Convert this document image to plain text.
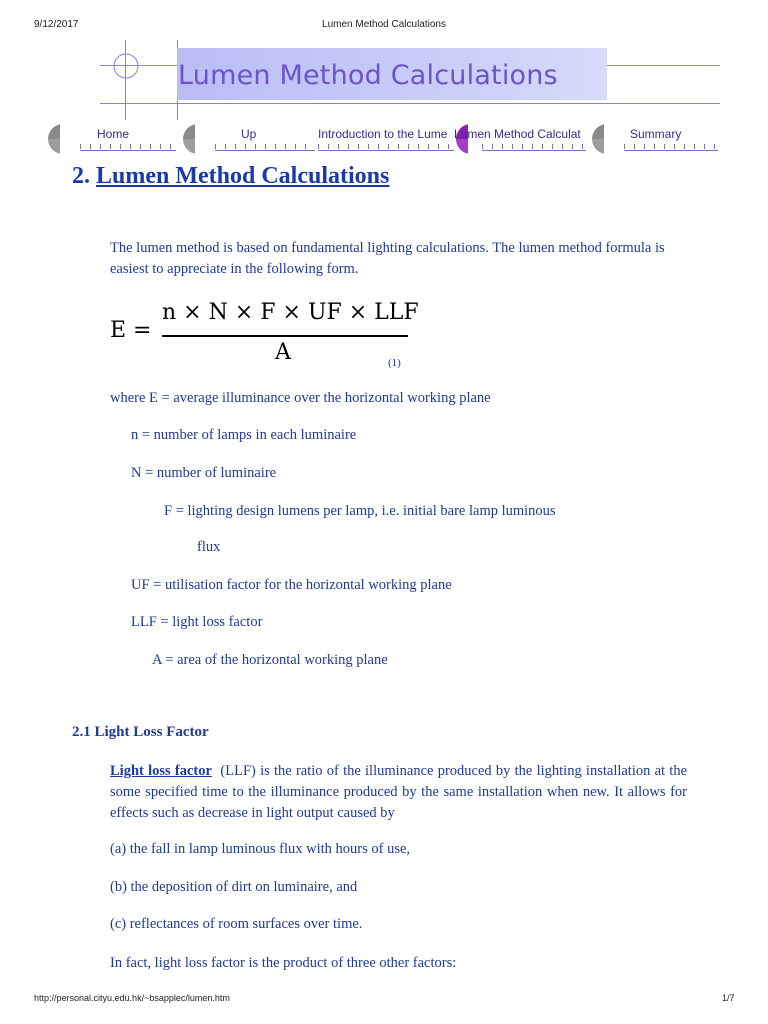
9/12/2017	Lumen Method Calculations
Lumen Method Calculations
Home	Up	Introduction to the Lume Lumen Method Calculat	Summary
2. Lumen Method Calculations
The lumen method is based on fundamental lighting calculations. The lumen method formula is easiest to appreciate in the following form.
E =
n × N × F × UF × LLF
A	(1)
where E = average illuminance over the horizontal working plane
n = number of lamps in each luminaire
N = number of luminaire
F = lighting design lumens per lamp, i.e. initial bare lamp luminous
flux
UF = utilisation factor for the horizontal working plane
LLF = light loss factor
A = area of the horizontal working plane
2.1 Light Loss Factor
Light loss factor (LLF) is the ratio of the illuminance produced by the lighting installation at the some specified time to the illuminance produced by the same installation when new. It allows for effects such as decrease in light output caused by
(a) the fall in lamp luminous flux with hours of use,
(b) the deposition of dirt on luminaire, and
(c) reflectances of room surfaces over time.
In fact, light loss factor is the product of three other factors:
http://personal.cityu.edu.hk/~bsapplec/lumen.htm	1/7
